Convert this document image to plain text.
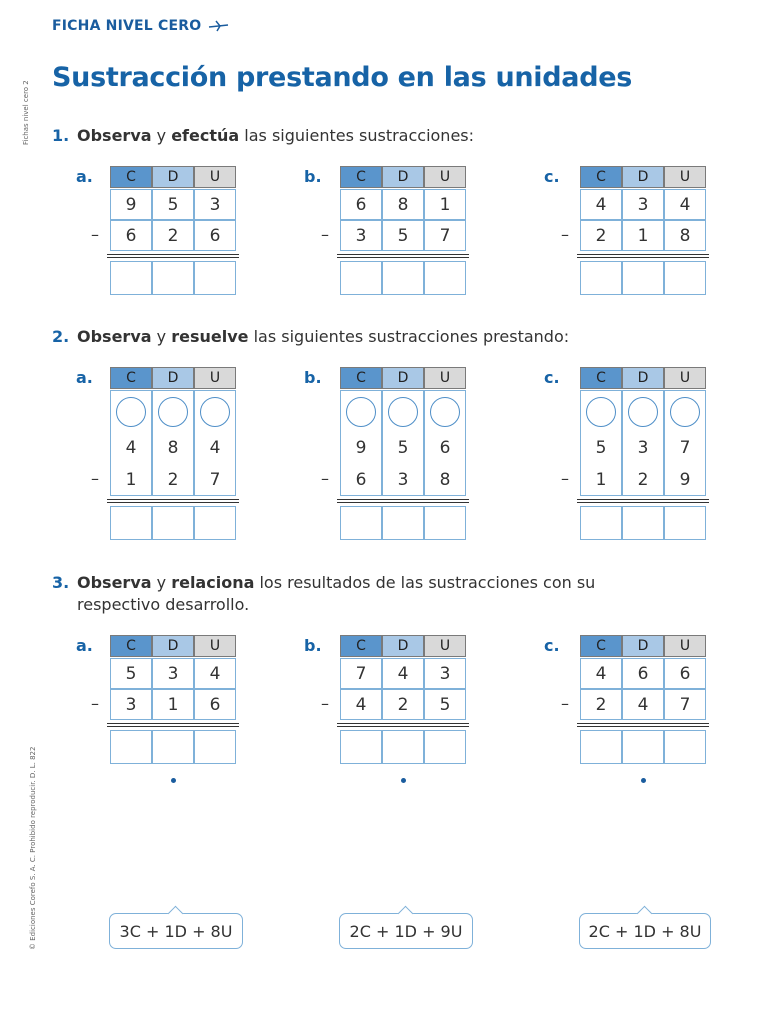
FICHA NIVEL CERO
Sustracción prestando en las unidades
Fichas nivel cero 2
© Ediciones Corefo S. A. C. Prohibido reproducir. D. L. 822
1. Observa y efectúa las siguientes sustracciones:
2. Observa y resuelve las siguientes sustracciones prestando:
3. Observa y relaciona los resultados de las sustracciones con su respectivo desarrollo.
a.	C	D	U
9	5	3
6	2	6
–
b.	C	D	U
6	8	1
3	5	7
–
c.	C	D	U
4	3	4
2	1	8
–
a.	C	D	U
4	8	4
1	2	7
–
b.	C	D	U
9	5	6
6	3	8
–
c.	C	D	U
5	3	7
1	2	9
–
a.	C	D	U
5	3	4
3	1	6
–
3C + 1D + 8U
b.	C	D	U
7	4	3
4	2	5
–
2C + 1D + 9U
c.	C	D	U
4	6	6
2	4	7
–
2C + 1D + 8U
